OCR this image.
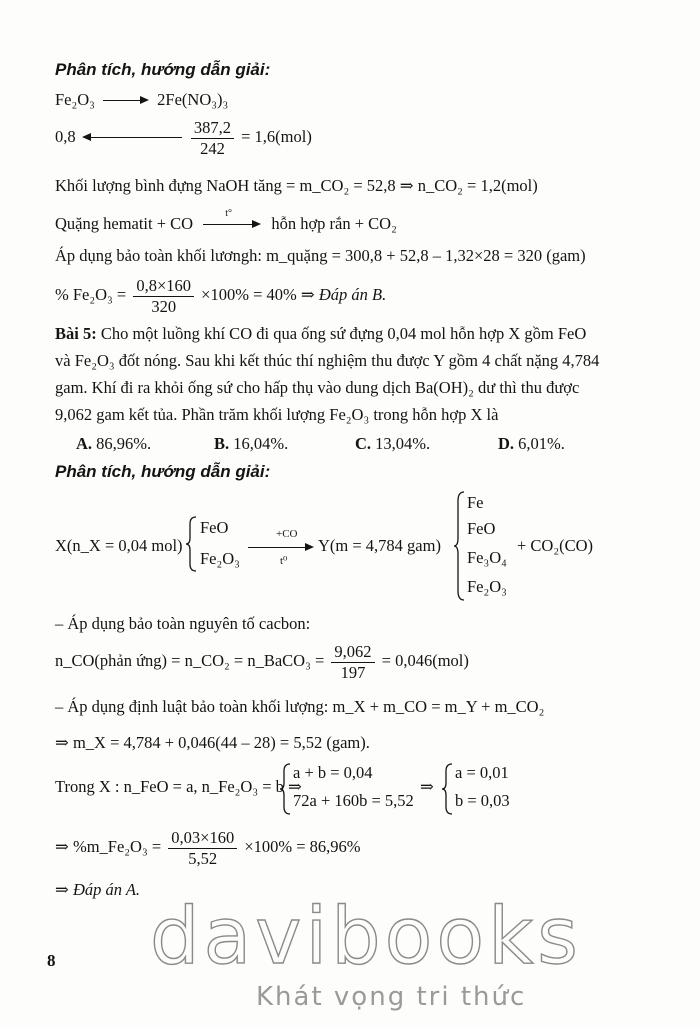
Phân tích, hướng dẫn giải:
Fe₂O₃	2Fe(NO₃)₃
0,8
	$\frac{387,2}{242} = 1,6(mol)$
Khối lượng bình đựng NaOH tăng = m_CO₂ = 52,8 ⇒ n_CO₂ = 1,2(mol)
Quặng hematit + CO
t°
hỗn hợp rắn + CO₂
Áp dụng bảo toàn khối lươngh: m_quặng = 300,8 + 52,8 – 1,32×28 = 320 (gam)
% $Fe_2O_3 = \frac{0,8\times 160}{320} \times 100\% = 40\%$ ⇒ Đáp án B.
Bài 5: Cho một luồng khí CO đi qua ống sứ đựng 0,04 mol hỗn hợp X gồm FeO
và Fe₂O₃ đốt nóng. Sau khi kết thúc thí nghiệm thu được Y gồm 4 chất nặng 4,784
gam. Khí đi ra khỏi ống sứ cho hấp thụ vào dung dịch Ba(OH)₂ dư thì thu được
9,062 gam kết tủa. Phần trăm khối lượng Fe₂O₃ trong hỗn hợp X là
A. 86,96%.	B. 16,04%.	C. 13,04%.	D. 6,01%.
Phân tích, hướng dẫn giải:
X(n_X = 0,04 mol)
FeO
Fe₂O₃
+CO
t⁰
Y(m = 4,784 gam)
Fe
FeO
Fe₃O₄
Fe₂O₃
+ CO₂(CO)
– Áp dụng bảo toàn nguyên tố cacbon:
n_CO(phản ứng) = n_CO₂ = n_BaCO₃ = $\frac{9,062}{197} = 0,046(mol)$
– Áp dụng định luật bảo toàn khối lượng: m_X + m_CO = m_Y + m_CO₂
⇒ m_X = 4,784 + 0,046(44 – 28) = 5,52 (gam).
Trong X : n_FeO = a, n_Fe₂O₃ = b ⇒
a + b = 0,04
72a + 160b = 5,52
⇒
a = 0,01
b = 0,03
⇒ %m_Fe₂O₃ = $\frac{0,03\times 160}{5,52} \times 100\% = 86,96\%$
⇒ Đáp án A.
8 davibooks
Khát vọng tri thức
